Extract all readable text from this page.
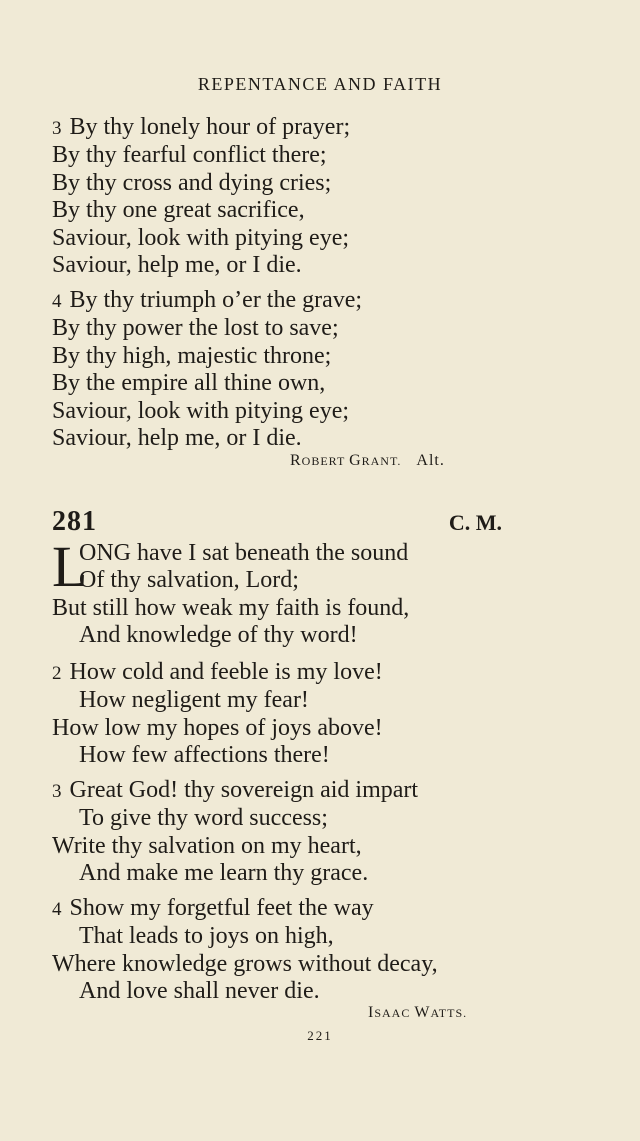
REPENTANCE AND FAITH
3 By thy lonely hour of prayer;
By thy fearful conflict there;
By thy cross and dying cries;
By thy one great sacrifice,
Saviour, look with pitying eye;
Saviour, help me, or I die.
4 By thy triumph o’er the grave;
By thy power the lost to save;
By thy high, majestic throne;
By the empire all thine own,
Saviour, look with pitying eye;
Saviour, help me, or I die.
ROBERT GRANT. Alt.
281	C. M.
L
ONG have I sat beneath the sound
Of thy salvation, Lord;
But still how weak my faith is found,
And knowledge of thy word!
2 How cold and feeble is my love!
How negligent my fear!
How low my hopes of joys above!
How few affections there!
3 Great God! thy sovereign aid impart
To give thy word success;
Write thy salvation on my heart,
And make me learn thy grace.
4 Show my forgetful feet the way
That leads to joys on high,
Where knowledge grows without decay,
And love shall never die.
ISAAC WATTS.
221
